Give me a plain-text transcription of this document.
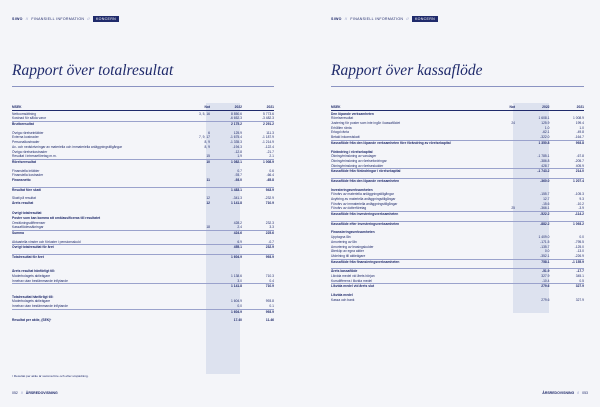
SIWO // FINANSIELL INFORMATION // KONCERN
Rapport över totalresultat
MSEK	Not	2022	2021
Nettoomsättning	3, 5, 16	8 850.6	5 773.6
Kostnad för sålda varor	-6 652.3	-3 482.3
Bruttoresultat	2 175.2	2 291.2
Övriga rörelseintäkter	6	125.9	111.3
Externa kostnader	7, 9, 17	-1 675.4	-1 187.9
Personalkostnader	8, 9	-1 335.3	-1 214.9
Av- och nedskrivningar av materiella och immateriella anläggningstillgångar	8, 9	-194.3	-122.4
Övriga rörelsekostnader	-12.8	-21.7
Resultat i intresseföretag m.m.	15	1.9	2.1
Rörelseresultat	10	1 082.1	1 008.9
Finansiella intäkter	0.7	0.6
Finansiella kostnader	-93.7	-66.4
Finansnetto	11	-93.0	-65.8
Resultat före skatt	1 483.1	943.9
Skatt på resultat	12	-341.3	-232.9
Årets resultat	12	1 141.8	710.9
Övrigt totalresultat
Poster som kan komma att omklassificeras till resultatet
Omräkningsdifferenser	428.2	232.3
Kassaflödessäkringar	18	2.4	3.3
Summa	424.6	225.6
Aktuariella vinster och förluster i pensionsskuld	6.9	-0.7
Övrigt totalresultat för året	455.1	232.9
Totalresultat för året	1 604.9	993.9
Årets resultat hänförligt till:
Moderbolagets aktieägare	1 138.6	710.3
Innehav utan bestämmande inflytande	3.0	0.4
1 141.8	710.9
Totalresultat hänförligt till:
Moderbolagets aktieägare	1 604.9	993.8
Innehav utan bestämmande inflytande	0.0	0.1
1 604.9	993.9
Resultat per aktie, (SEK)¹	17.40	11.46
¹ Resultat per aktie är samma före och efter utspädning.
052 // ÅRSREDOVISNING
SIWO // FINANSIELL INFORMATION // KONCERN
Rapport över kassaflöde
MSEK	Not	2022	2021
Den löpande verksamheten
Rörelseresultat	1 608.1	1 008.9
Justering för poster som inte ingår i kassaflödet	24	125.9	199.4
Erhållen ränta	1.0	1.0
Erlagd ränta	-62.1	-49.8
Betald inkomstskatt	-322.0	-164.7
Kassaflöde från den löpande verksamheten före förändring av rörelsekapital	1 350.8	993.8
Förändring i rörelsekapital
Ökning/minskning av varulager	-1 785.1	-67.8
Ökning/minskning av rörelsefordringar	-386.8	-205.7
Ökning/minskning av rörelseskulder	428.7	405.9
Kassaflöde från förändringar i rörelsekapital	-1 743.2	214.0
Kassaflöde från den löpande verksamheten	-360.0	1 207.4
Investeringsverksamheten
Förvärv av materiella anläggningstillgångar	-155.7	-105.3
Avyttring av materiella anläggningstillgångar	12.7	9.3
Förvärv av immateriella anläggningstillgångar	-15.6	-10.2
Förvärv av dotterföretag	25	-366.1	-3.9
Kassaflöde från investeringsverksamheten	-522.2	-114.2
Kassaflöde efter investeringsverksamheten	-882.2	1 093.2
Finansieringsverksamheten
Upptagna lån	1 409.0	0.0
Amortering av lån	-171.5	-795.5
Amortering av leasingskulder	-135.7	-125.0
Återköp av egna aktier	0.0	-13.0
Utdelning till aktieägare	-352.1	-226.9
Kassaflöde från finansieringsverksamheten	758.1	-1 155.9
Årets kassaflöde	-51.9	-17.7
Likvida medel vid årets början	327.9	345.1
Kursdifferens i likvida medel	-10.4	0.5
Likvida medel vid årets slut	279.6	327.9
Likvida medel
Kassa och bank	279.6	327.9
ÅRSREDOVISNING // 053
